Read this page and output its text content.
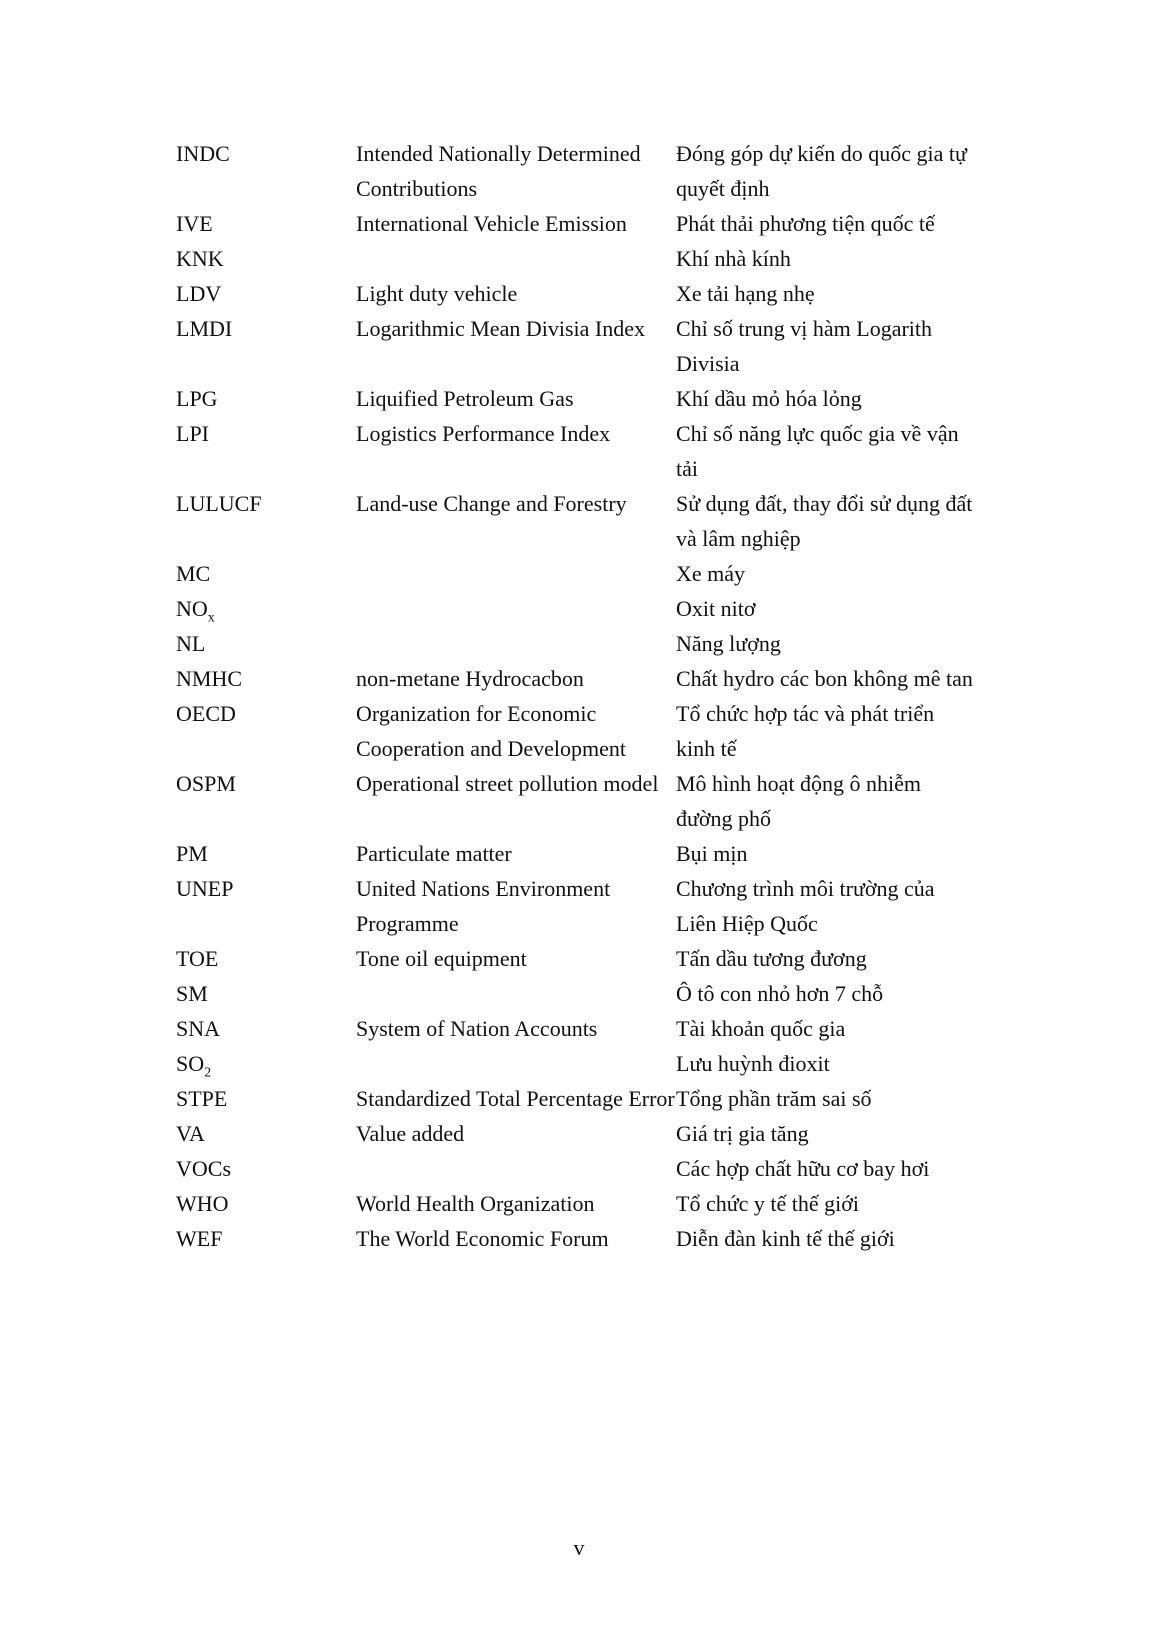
INDC	Intended Nationally Determined Contributions	Đóng góp dự kiến do quốc gia tự quyết định
IVE	International Vehicle Emission	Phát thải phương tiện quốc tế
KNK		Khí nhà kính
LDV	Light duty vehicle	Xe tải hạng nhẹ
LMDI	Logarithmic Mean Divisia Index	Chỉ số trung vị hàm Logarith Divisia
LPG	Liquified Petroleum Gas	Khí dầu mỏ hóa lỏng
LPI	Logistics Performance Index	Chỉ số năng lực quốc gia về vận tải
LULUCF	Land-use Change and Forestry	Sử dụng đất, thay đổi sử dụng đất và lâm nghiệp
MC		Xe máy
$NO_x$		Oxit nitơ
NL		Năng lượng
NMHC	non-metane Hydrocacbon	Chất hydro các bon không mê tan
OECD	Organization for Economic Cooperation and Development	Tổ chức hợp tác và phát triển kinh tế
OSPM	Operational street pollution model	Mô hình hoạt động ô nhiễm đường phố
PM	Particulate matter	Bụi mịn
UNEP	United Nations Environment Programme	Chương trình môi trường của Liên Hiệp Quốc
TOE	Tone oil equipment	Tấn dầu tương đương
SM		Ô tô con nhỏ hơn 7 chỗ
SNA	System of Nation Accounts	Tài khoản quốc gia
$SO_2$		Lưu huỳnh đioxit
STPE	Standardized Total Percentage Error	Tổng phần trăm sai số
VA	Value added	Giá trị gia tăng
VOCs		Các hợp chất hữu cơ bay hơi
WHO	World Health Organization	Tổ chức y tế thế giới
WEF	The World Economic Forum	Diễn đàn kinh tế thế giới
v
